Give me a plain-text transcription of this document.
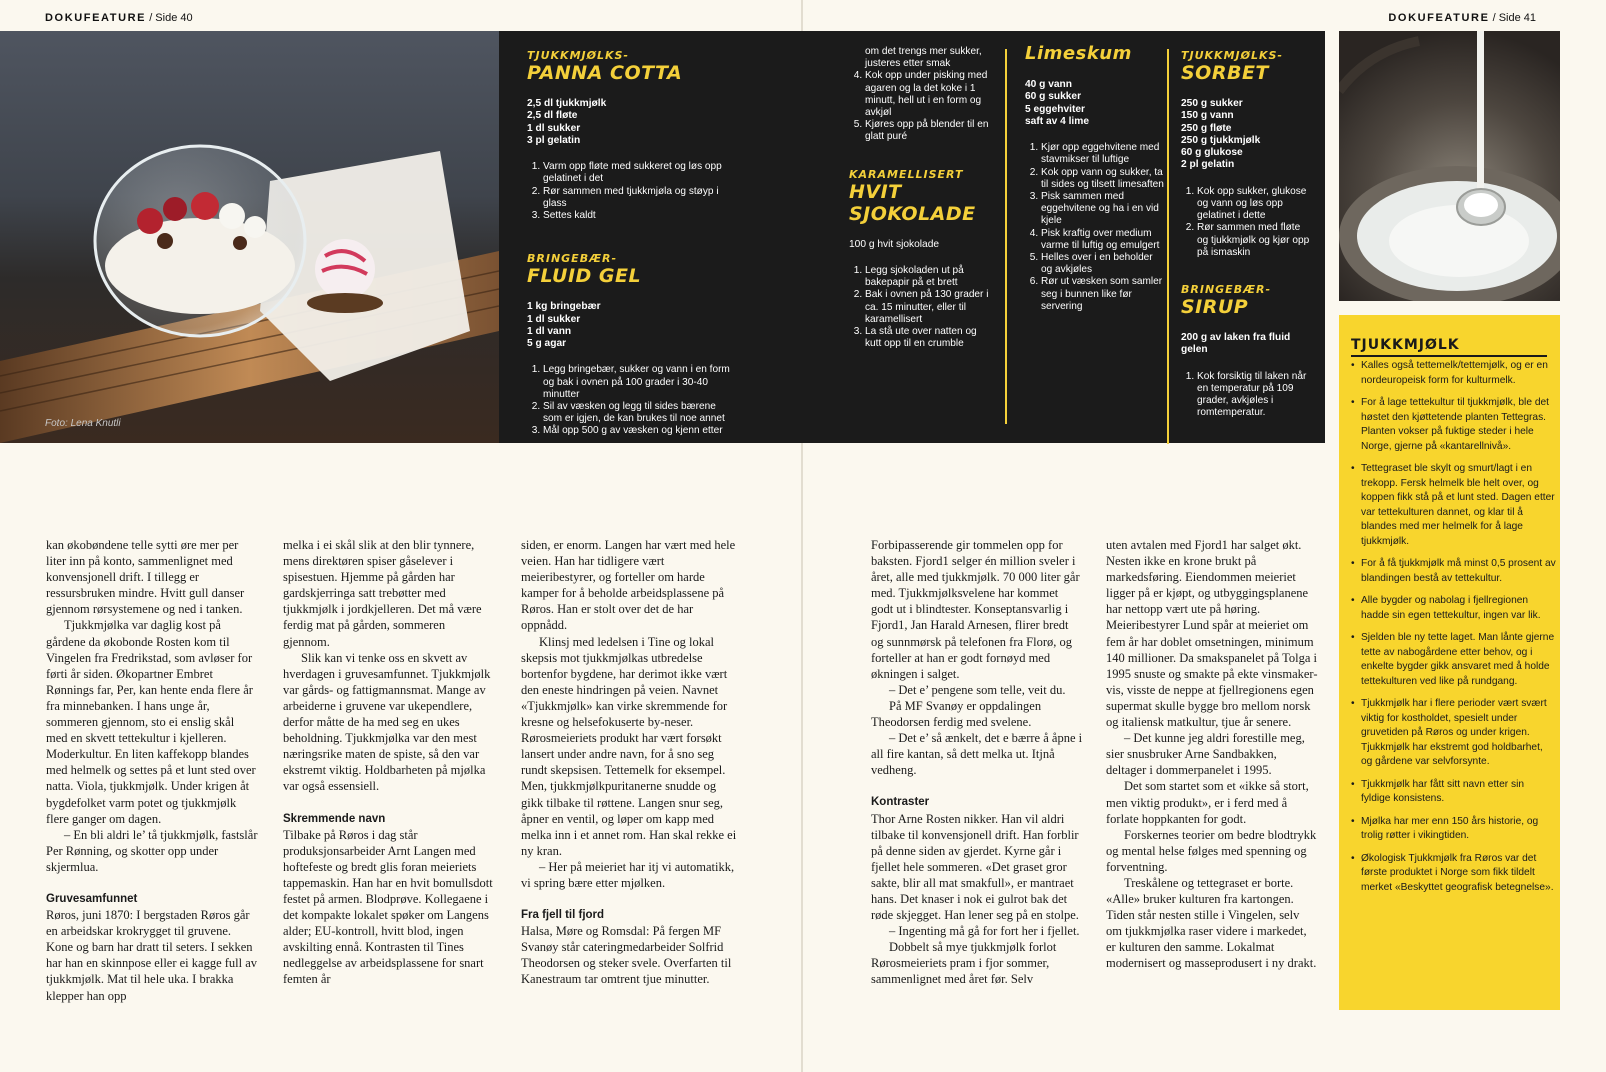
DOKUFEATURE / Side 40	DOKUFEATURE / Side 41
Foto: Lena Knutli
TJUKKMJØLKS-
PANNA COTTA
2,5 dl tjukkmjølk
2,5 dl fløte
1 dl sukker
3 pl gelatin
1. Varm opp fløte med sukkeret og løs opp gelatinet i det
2. Rør sammen med tjukkmjøla og støyp i glass
3. Settes kaldt
BRINGEBÆR-
FLUID GEL
1 kg bringebær
1 dl sukker
1 dl vann
5 g agar
1. Legg bringebær, sukker og vann i en form og bak i ovnen på 100 grader i 30-40 minutter
2. Sil av væsken og legg til sides bærene som er igjen, de kan brukes til noe annet
3. Mål opp 500 g av væsken og kjenn etter
om det trengs mer sukker, justeres etter smak
4. Kok opp under pisking med agaren og la det koke i 1 minutt, hell ut i en form og avkjøl
5. Kjøres opp på blender til en glatt puré
KARAMELLISERT
HVIT
SJOKOLADE
100 g hvit sjokolade
1. Legg sjokoladen ut på bakepapir på et brett
2. Bak i ovnen på 130 grader i ca. 15 minutter, eller til karamellisert
3. La stå ute over natten og kutt opp til en crumble
Limeskum
40 g vann
60 g sukker
5 eggehviter
saft av 4 lime
1. Kjør opp eggehvitene med stavmikser til luftige
2. Kok opp vann og sukker, ta til sides og tilsett limesaften
3. Pisk sammen med eggehvitene og ha i en vid kjele
4. Pisk kraftig over medium varme til luftig og emulgert
5. Helles over i en beholder og avkjøles
6. Rør ut væsken som samler seg i bunnen like før servering
TJUKKMJØLKS-
SORBET
250 g sukker
150 g vann
250 g fløte
250 g tjukkmjølk
60 g glukose
2 pl gelatin
1. Kok opp sukker, glukose og vann og løs opp gelatinet i dette
2. Rør sammen med fløte og tjukkmjølk og kjør opp på ismaskin
BRINGEBÆR-
SIRUP
200 g av laken fra fluid gelen
1. Kok forsiktig til laken når en temperatur på 109 grader, avkjøles i romtemperatur.
TJUKKMJØLK
• Kalles også tettemelk/tettemjølk, og er en nordeuropeisk form for kulturmelk.
• For å lage tettekultur til tjukkmjølk, ble det høstet den kjøttetende planten Tettegras. Planten vokser på fuktige steder i hele Norge, gjerne på «kantarellnivå».
• Tettegraset ble skylt og smurt/lagt i en trekopp. Fersk helmelk ble helt over, og koppen fikk stå på et lunt sted. Dagen etter var tettekulturen dannet, og klar til å blandes med mer helmelk for å lage tjukkmjølk.
• For å få tjukkmjølk må minst 0,5 prosent av blandingen bestå av tettekultur.
• Alle bygder og nabolag i fjellregionen hadde sin egen tettekultur, ingen var lik.
• Sjelden ble ny tette laget. Man lånte gjerne tette av nabogårdene etter behov, og i enkelte bygder gikk ansvaret med å holde tettekulturen ved like på rundgang.
• Tjukkmjølk har i flere perioder vært svært viktig for kostholdet, spesielt under gruvetiden på Røros og under krigen. Tjukkmjølk har ekstremt god holdbarhet, og gårdene var selvforsynte.
• Tjukkmjølk har fått sitt navn etter sin fyldige konsistens.
• Mjølka har mer enn 150 års historie, og trolig røtter i vikingtiden.
• Økologisk Tjukkmjølk fra Røros var det første produktet i Norge som fikk tildelt merket «Beskyttet geografisk betegnelse».

kan økobøndene telle sytti øre mer per liter inn på konto, sammenlignet med konvensjonell drift. I tillegg er ressursbruken mindre. Hvitt gull danser gjennom rørsystemene og ned i tanken.

Tjukkmjølka var daglig kost på gårdene da økobonde Rosten kom til Vingelen fra Fredrikstad, som avløser for førti år siden. Økopartner Embret Rønnings far, Per, kan hente enda flere år fra minnebanken. I hans unge år, sommeren gjennom, sto ei enslig skål med en skvett tettekultur i kjelleren. Moderkultur. En liten kaffekopp blandes med helmelk og settes på et lunt sted over natta. Viola, tjukkmjølk. Under krigen åt bygdefolket varm potet og tjukkmjølk flere ganger om dagen.

– En bli aldri le’ tå tjukkmjølk, fastslår Per Rønning, og skotter opp under skjermlua.

Gruvesamfunnet

Røros, juni 1870: I bergstaden Røros går en arbeidskar krokrygget til gruvene. Kone og barn har dratt til seters. I sekken har han en skinnpose eller ei kagge full av tjukkmjølk. Mat til hele uka. I brakka klepper han opp

melka i ei skål slik at den blir tynnere, mens direktøren spiser gåselever i spisestuen. Hjemme på gården har gardskjerringa satt trebøtter med tjukkmjølk i jordkjelleren. Det må være ferdig mat på gården, sommeren gjennom.

Slik kan vi tenke oss en skvett av hverdagen i gruvesamfunnet. Tjukkmjølk var gårds- og fattigmannsmat. Mange av arbeiderne i gruvene var ukependlere, derfor måtte de ha med seg en ukes beholdning. Tjukkmjølka var den mest næringsrike maten de spiste, så den var ekstremt viktig. Holdbarheten på mjølka var også essensiell.

Skremmende navn

Tilbake på Røros i dag står produksjonsarbeider Arnt Langen med hoftefeste og bredt glis foran meieriets tappemaskin. Han har en hvit bomullsdott festet på armen. Blodprøve. Kollegaene i det kompakte lokalet spøker om Langens alder; EU-kontroll, hvitt blod, ingen avskilting ennå. Kontrasten til Tines nedleggelse av arbeidsplassene for snart femten år

siden, er enorm. Langen har vært med hele veien. Han har tidligere vært meieribestyrer, og forteller om harde kamper for å beholde arbeidsplassene på Røros. Han er stolt over det de har oppnådd.

Klinsj med ledelsen i Tine og lokal skepsis mot tjukkmjølkas utbredelse bortenfor bygdene, har derimot ikke vært den eneste hindringen på veien. Navnet «Tjukkmjølk» kan virke skremmende for kresne og helsefokuserte by-neser. Rørosmeieriets produkt har vært forsøkt lansert under andre navn, for å sno seg rundt skepsisen. Tettemelk for eksempel. Men, tjukkmjølkpuritanerne snudde og gikk tilbake til røttene. Langen snur seg, åpner en ventil, og løper om kapp med melka inn i et annet rom. Han skal rekke ei ny kran.

– Her på meieriet har itj vi automatikk, vi spring bære etter mjølken.

Fra fjell til fjord

Halsa, Møre og Romsdal: På fergen MF Svanøy står cateringmedarbeider Solfrid Theodorsen og steker svele. Overfarten til Kanestraum tar omtrent tjue minutter.

Forbipasserende gir tommelen opp for baksten. Fjord1 selger én million sveler i året, alle med tjukkmjølk. 70 000 liter går med. Tjukkmjølksvelene har kommet godt ut i blindtester. Konseptansvarlig i Fjord1, Jan Harald Arnesen, flirer bredt og sunnmørsk på telefonen fra Florø, og forteller at han er godt fornøyd med økningen i salget.

– Det e’ pengene som telle, veit du.

På MF Svanøy er oppdalingen Theodorsen ferdig med svelene.

– Det e’ så ænkelt, det e bærre å åpne i all fire kantan, så dett melka ut. Itjnå vedheng.

Kontraster

Thor Arne Rosten nikker. Han vil aldri tilbake til konvensjonell drift. Han forblir på denne siden av gjerdet. Kyrne går i fjellet hele sommeren. «Det graset gror sakte, blir all mat smakfull», er mantraet hans. Det knaser i nok ei gulrot bak det røde skjegget. Han lener seg på en stolpe.

– Ingenting må gå for fort her i fjellet.

Dobbelt så mye tjukkmjølk forlot Rørosmeieriets pram i fjor sommer, sammenlignet med året før. Selv

uten avtalen med Fjord1 har salget økt. Nesten ikke en krone brukt på markedsføring. Eiendommen meieriet ligger på er kjøpt, og utbyggingsplanene har nettopp vært ute på høring. Meieribestyrer Lund spår at meieriet om fem år har doblet omsetningen, minimum 140 millioner. Da smakspanelet på Tolga i 1995 snuste og smakte på ekte vinsmaker-vis, visste de neppe at fjellregionens egen supermat skulle bygge bro mellom norsk og italiensk matkultur, tjue år senere.

– Det kunne jeg aldri forestille meg, sier snusbruker Arne Sandbakken, deltager i dommerpanelet i 1995.

Det som startet som et «ikke så stort, men viktig produkt», er i ferd med å forlate hoppkanten for godt.

Forskernes teorier om bedre blodtrykk og mental helse følges med spenning og forventning.

Treskålene og tettegraset er borte. «Alle» bruker kulturen fra kartongen. Tiden står nesten stille i Vingelen, selv om tjukkmjølka raser videre i markedet, er kulturen den samme. Lokalmat modernisert og masseprodusert i ny drakt.
